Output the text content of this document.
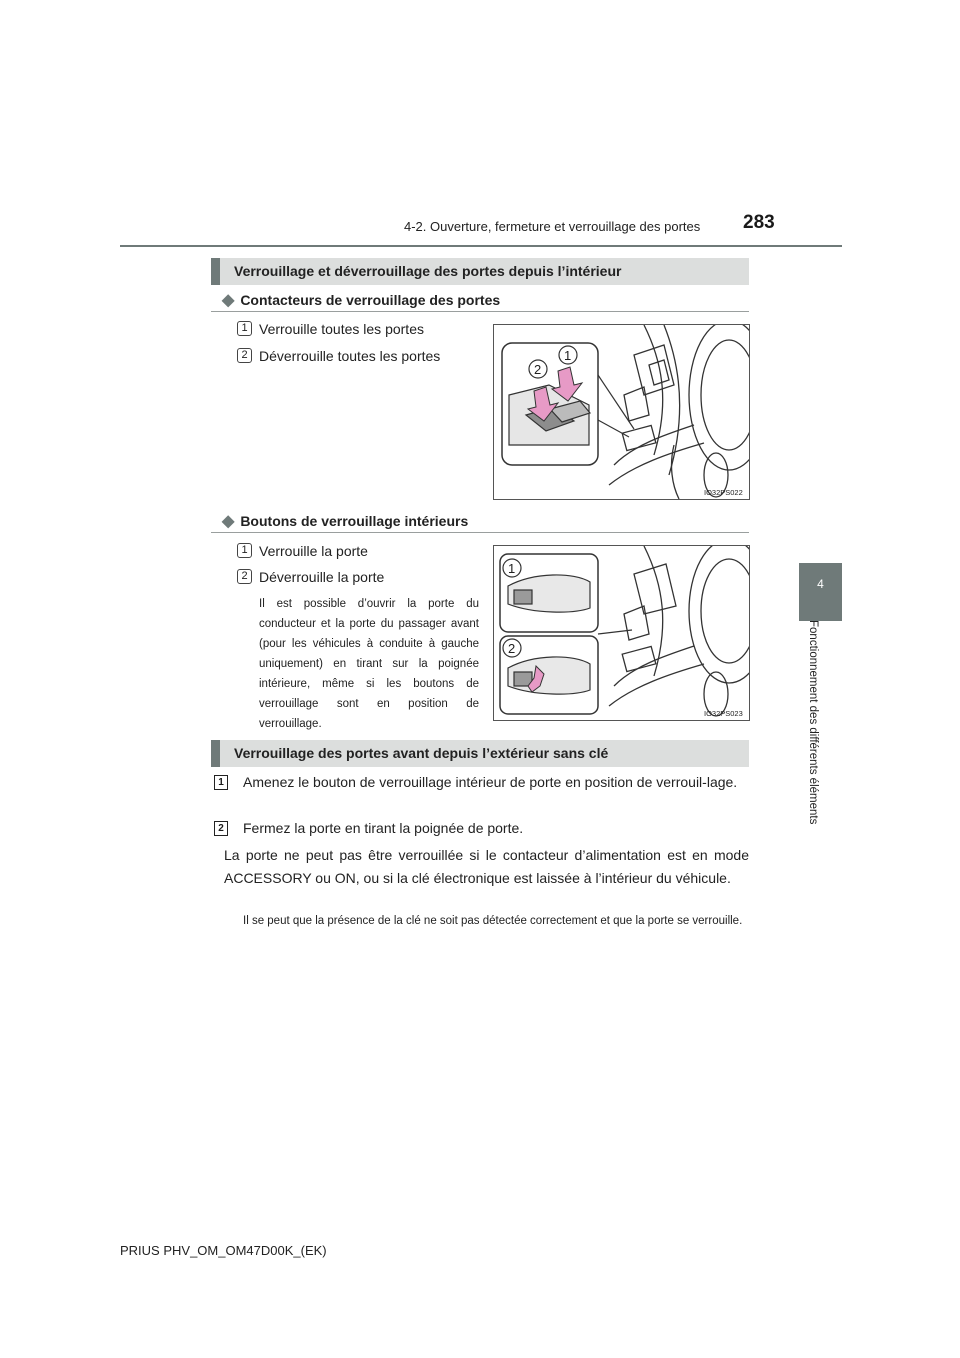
4-2. Ouverture, fermeture et verrouillage des portes 283
4
Fonctionnement des différents éléments
Verrouillage et déverrouillage des portes depuis l’intérieur
◆ Contacteurs de verrouillage des portes
1 Verrouille toutes les portes
2 Déverrouille toutes les portes
2
1
IO32PS022
◆ Boutons de verrouillage intérieurs
1 Verrouille la porte
2 Déverrouille la porte
Il est possible d’ouvrir la porte du conducteur et la porte du passager avant (pour les véhicules à conduite à gauche uniquement) en tirant sur la poignée intérieure, même si les boutons de verrouillage sont en position de verrouillage.
1
2
IO32PS023
Verrouillage des portes avant depuis l’extérieur sans clé
1	Amenez le bouton de verrouillage intérieur de porte en position de verrouil-lage.
2	Fermez la porte en tirant la poignée de porte.
La porte ne peut pas être verrouillée si le contacteur d’alimentation est en mode ACCESSORY ou ON, ou si la clé électronique est laissée à l’intérieur du véhicule.
Il se peut que la présence de la clé ne soit pas détectée correctement et que la porte se verrouille.
PRIUS PHV_OM_OM47D00K_(EK)
